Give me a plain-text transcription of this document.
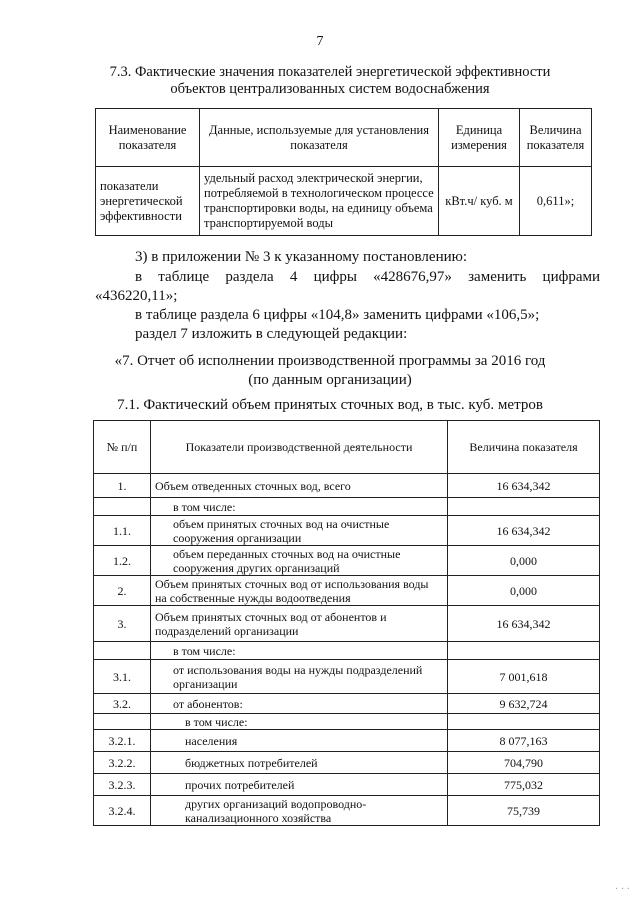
7
7.3. Фактические значения показателей энергетической эффективности
объектов централизованных систем водоснабжения
Наименование показателя	Данные, используемые для установления показателя	Единица измерения	Величина показателя
показатели энергетической эффективности	удельный расход электрической энергии, потребляемой в технологическом процессе транспортировки воды, на единицу объема транспортируемой воды	кВт.ч/ куб. м	0,611»;
3) в приложении № 3 к указанному постановлению:
в таблице раздела 4 цифры «428676,97» заменить цифрами
«436220,11»;
в таблице раздела 6 цифры «104,8» заменить цифрами «106,5»;
раздел 7 изложить в следующей редакции:
«7. Отчет об исполнении производственной программы за 2016 год
(по данным организации)
7.1. Фактический объем принятых сточных вод, в тыс. куб. метров
№ п/п	Показатели производственной деятельности	Величина показателя
1.	Объем отведенных сточных вод, всего	16 634,342
	в том числе:	
1.1.	объем принятых сточных вод на очистные сооружения организации	16 634,342
1.2.	объем переданных сточных вод на очистные сооружения других организаций	0,000
2.	Объем принятых сточных вод от использования воды на собственные нужды водоотведения	0,000
3.	Объем принятых сточных вод от абонентов и подразделений организации	16 634,342
	в том числе:	
3.1.	от использования воды на нужды подразделений организации	7 001,618
3.2.	от абонентов:	9 632,724
	в том числе:	
3.2.1.	населения	8 077,163
3.2.2.	бюджетных потребителей	704,790
3.2.3.	прочих потребителей	775,032
3.2.4.	других организаций водопроводно-канализационного хозяйства	75,739
· · ·
